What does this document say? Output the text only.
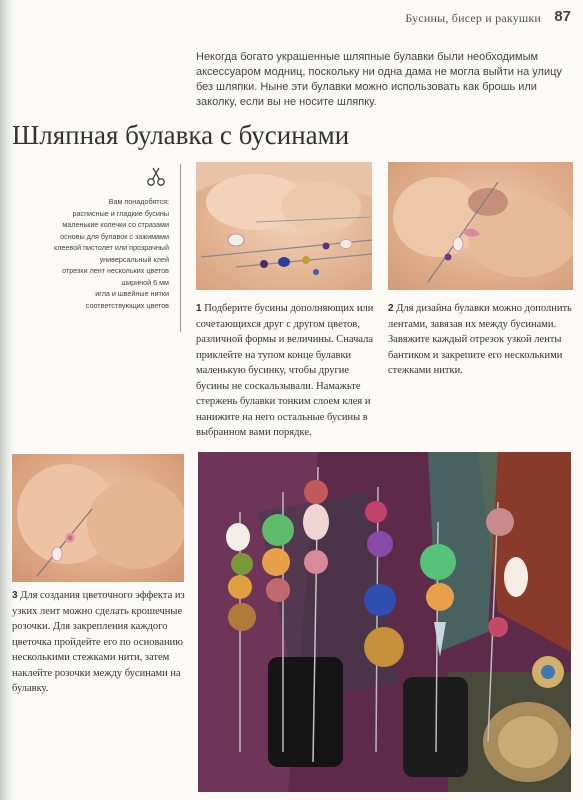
Бусины, бисер и ракушки 87
Некогда богато украшенные шляпные булавки были необходимым аксессуаром модниц, поскольку ни одна дама не могла выйти на улицу без шляпки. Ныне эти булавки можно использовать как брошь или заколку, если вы не носите шляпку.
Шляпная булавка с бусинами
Вам понадобятся:
расписные и гладкие бусины
маленькие колечки со стразами
основы для булавок с зажимами
клеевой пистолет или прозрачный
универсальный клей
отрезки лент нескольких цветов
шириной 6 мм
игла и швейные нитки
соответствующих цветов	1 Подберите бусины дополняющих или сочетающихся друг с другом цветов, различной формы и величины. Сначала приклейте на тупом конце булавки маленькую бусинку, чтобы другие бусины не соскальзывали. Намажьте стержень булавки тонким слоем клея и нанижите на него остальные бусины в выбранном вами порядке.
2 Для дизайна булавки можно дополнить лентами, завязав их между бусинами. Завяжите каждый отрезок узкой ленты бантиком и закрепите его несколькими стежками нитки.
3 Для создания цветочного эффекта из узких лент можно сделать крошечные розочки. Для закрепления каждого цветочка пройдейте его по основанию несколькими стежками нити, затем наклейте розочки между бусинами на булавку.
